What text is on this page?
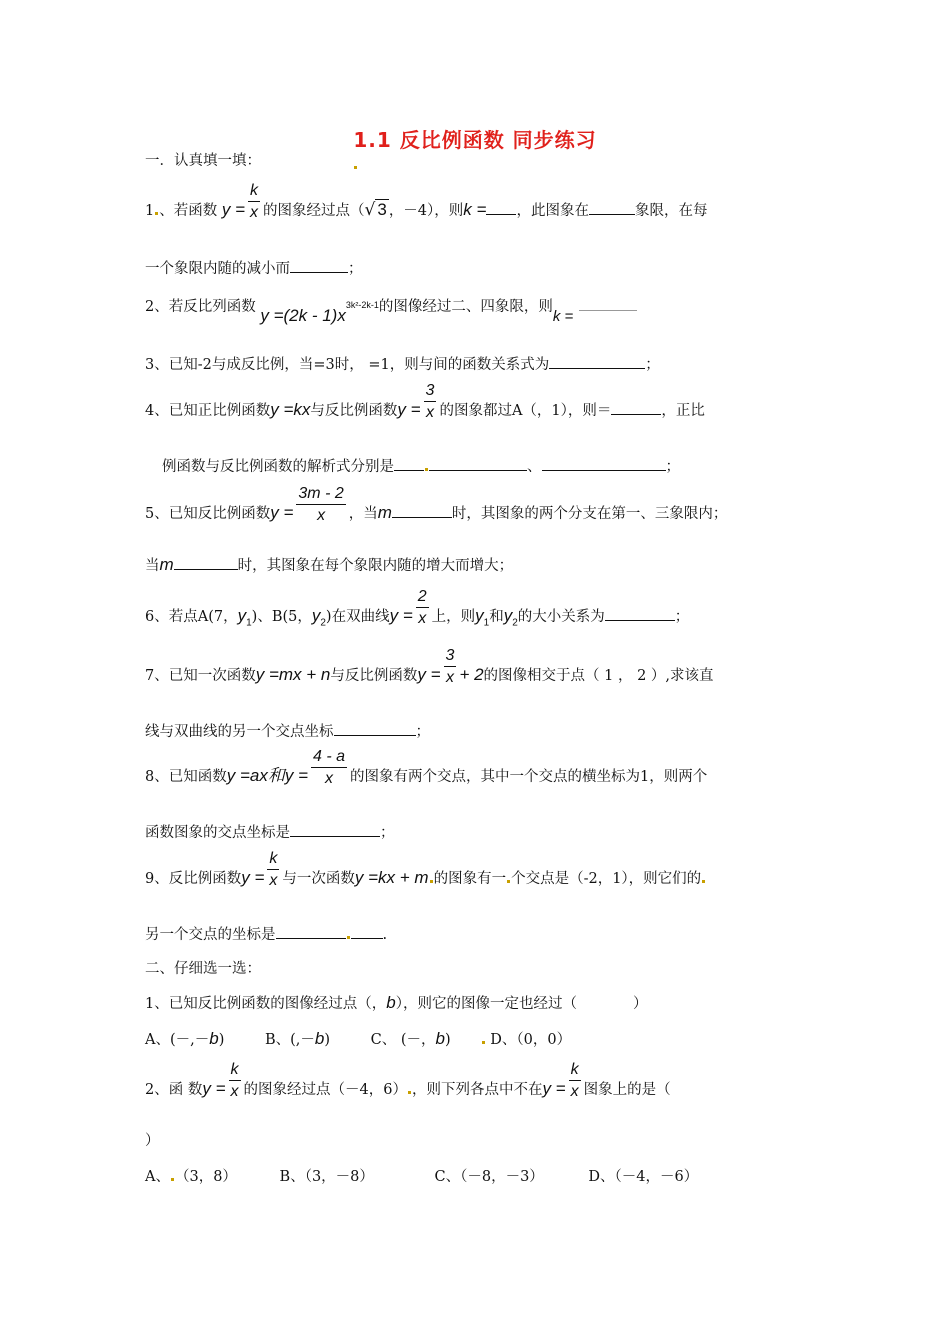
1.1 反比例函数 同步练习
一．认真填一填：
1 、若函数 $y = \frac{k}{x}$ 的图象经过点（√ 3 ，－4），则k = ，此图象在	象限，在每
一个象限内随的减小而	；
2、若反比列函数 $y =(2k - 1)x^{3k^2-2k-1}$的图像经过二、四象限，则k =
3、已知-2与成反比例，当=3时， =1，则与间的函数关系式为	；
4、已知正比例函数y =kx与反比例函数$y = \frac{3}{x}$ 的图象都过A（，1），则＝	，正比
例函数与反比例函数的解析式分别是	、	；
5、已知反比例函数$y = \frac{3m - 2}{x}$ ，当m	时，其图象的两个分支在第一、三象限内；
当m	时，其图象在每个象限内随的增大而增大；
6、若点A(7，$y_1$)、B(5，$y_2$)在双曲线$y = \frac{2}{x}$ 上，则$y_1$和$y_2$的大小关系为	；
7、已知一次函数y =mx + n与反比例函数$y = \frac{3}{x} + 2$的图像相交于点（ 1 ， 2 ）,求该直
线与双曲线的另一个交点坐标	；
8、已知函数y =ax和$y = \frac{4 - a}{x}$ 的图象有两个交点，其中一个交点的横坐标为1，则两个
函数图象的交点坐标是	；
9、反比例函数$y = \frac{k}{x}$ 与一次函数y =kx + m 的图象有一 个交点是（-2，1），则它们的
另一个交点的坐标是	.
二、仔细选一选：
1、已知反比例函数的图像经过点（，b），则它的图像一定也经过（	）
A、(－,－b)	B、(,－b)	C、 (－，b)	D、（0，0）
2、函 数$y = \frac{k}{x}$ 的图象经过点（－4，6） ，则下列各点中不在$y = \frac{k}{x}$ 图象上的是（
）
A、 （3，8）	B、（3，－8）	C、（－8，－3）	D、（－4，－6）
